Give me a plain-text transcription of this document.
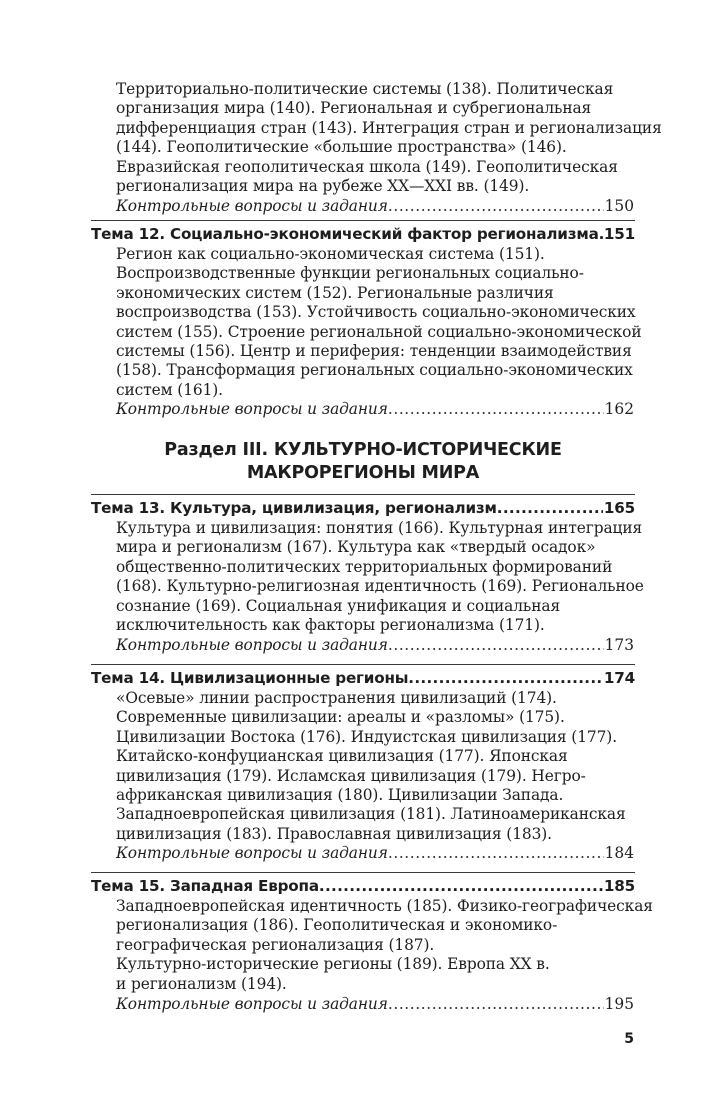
Территориально-политические системы (138). Политическая
организация мира (140). Региональная и субрегиональная
дифференциация стран (143). Интеграция стран и регионализация
(144). Геополитические «большие пространства» (146).
Евразийская геополитическая школа (149). Геополитическая
регионализация мира на рубеже XX—XXI вв. (149).
Контрольные вопросы и задания .....	150
Тема 12. Социально-экономический фактор регионализма ..... 151
Регион как социально-экономическая система (151).
Воспроизводственные функции региональных социально-
экономических систем (152). Региональные различия
воспроизводства (153). Устойчивость социально-экономических
систем (155). Строение региональной социально-экономической
системы (156). Центр и периферия: тенденции взаимодействия
(158). Трансформация региональных социально-экономических
систем (161).
Контрольные вопросы и задания .....	162
Раздел III. КУЛЬТУРНО-ИСТОРИЧЕСКИЕ
МАКРОРЕГИОНЫ МИРА
Тема 13. Культура, цивилизация, регионализм .....	165
Культура и цивилизация: понятия (166). Культурная интеграция
мира и регионализм (167). Культура как «твердый осадок»
общественно-политических территориальных формирований
(168). Культурно-религиозная идентичность (169). Региональное
сознание (169). Социальная унификация и социальная
исключительность как факторы регионализма (171).
Контрольные вопросы и задания .....	173
Тема 14. Цивилизационные регионы .....	174
«Осевые» линии распространения цивилизаций (174).
Современные цивилизации: ареалы и «разломы» (175).
Цивилизации Востока (176). Индуистская цивилизация (177).
Китайско-конфуцианская цивилизация (177). Японская
цивилизация (179). Исламская цивилизация (179). Негро-
африканская цивилизация (180). Цивилизации Запада.
Западноевропейская цивилизация (181). Латиноамериканская
цивилизация (183). Православная цивилизация (183).
Контрольные вопросы и задания .....	184
Тема 15. Западная Европа .....	185
Западноевропейская идентичность (185). Физико-географическая
регионализация (186). Геополитическая и экономико-
географическая регионализация (187).
Культурно-исторические регионы (189). Европа XX в.
и регионализм (194).
Контрольные вопросы и задания .....	195
5
